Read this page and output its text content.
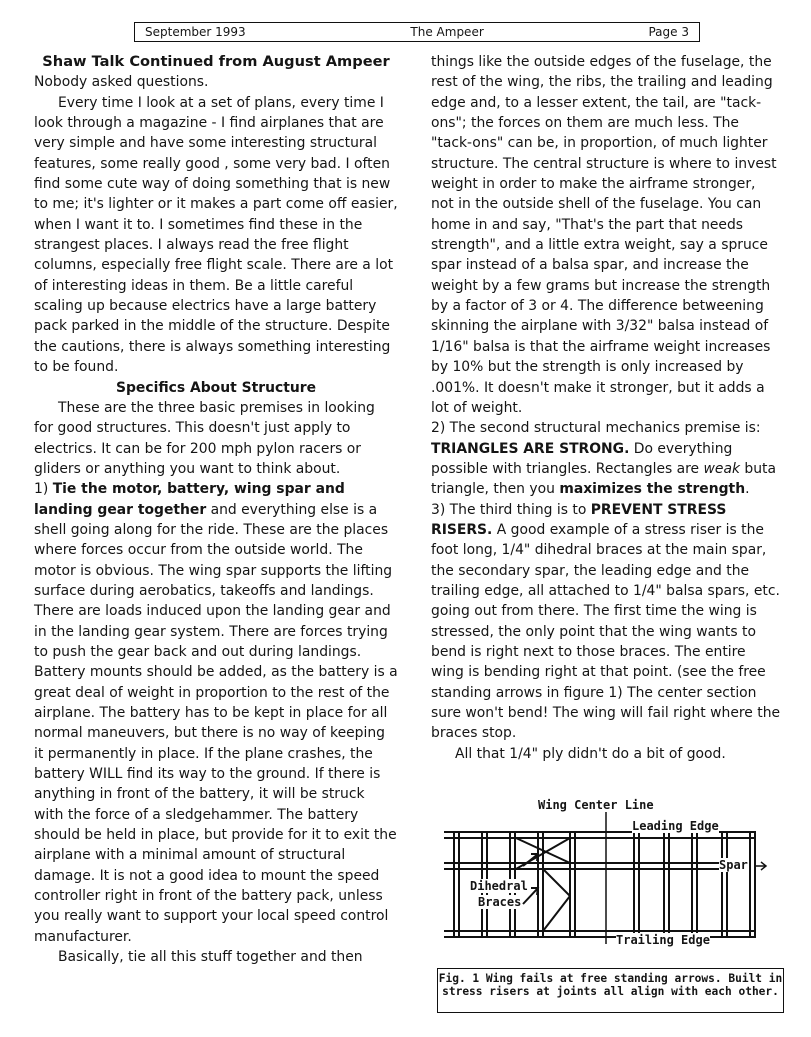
September 1993	The Ampeer	Page 3

Shaw Talk Continued from August Ampeer

Nobody asked questions.

Every time I look at a set of plans, every time I look through a magazine - I find airplanes that are very simple and have some interesting structural features, some really good , some very bad. I often find some cute way of doing something that is new to me; it's lighter or it makes a part come off easier, when I want it to. I sometimes find these in the strangest places. I always read the free flight columns, especially free flight scale. There are a lot of interesting ideas in them. Be a little careful scaling up because electrics have a large battery pack parked in the middle of the structure. Despite the cautions, there is always something interesting to be found.

Specifics About Structure

These are the three basic premises in looking for good structures. This doesn't just apply to electrics. It can be for 200 mph pylon racers or gliders or anything you want to think about.

1) Tie the motor, battery, wing spar and landing gear together and everything else is a shell going along for the ride. These are the places where forces occur from the outside world. The motor is obvious. The wing spar supports the lifting surface during aerobatics, takeoffs and landings. There are loads induced upon the landing gear and in the landing gear system. There are forces trying to push the gear back and out during landings. Battery mounts should be added, as the battery is a great deal of weight in proportion to the rest of the airplane. The battery has to be kept in place for all normal maneuvers, but there is no way of keeping it permanently in place. If the plane crashes, the battery WILL find its way to the ground. If there is anything in front of the battery, it will be struck with the force of a sledgehammer. The battery should be held in place, but provide for it to exit the airplane with a minimal amount of structural damage. It is not a good idea to mount the speed controller right in front of the battery pack, unless you really want to support your local speed control manufacturer.

Basically, tie all this stuff together and then

things like the outside edges of the fuselage, the rest of the wing, the ribs, the trailing and leading edge and, to a lesser extent, the tail, are "tack-ons"; the forces on them are much less. The "tack-ons" can be, in proportion, of much lighter structure. The central structure is where to invest weight in order to make the airframe stronger, not in the outside shell of the fuselage. You can home in and say, "That's the part that needs strength", and a little extra weight, say a spruce spar instead of a balsa spar, and increase the weight by a few grams but increase the strength by a factor of 3 or 4. The difference betweening skinning the airplane with 3/32" balsa instead of 1/16" balsa is that the airframe weight increases by 10% but the strength is only increased by .001%. It doesn't make it stronger, but it adds a lot of weight.

2) The second structural mechanics premise is: TRIANGLES ARE STRONG. Do everything possible with triangles. Rectangles are weak buta triangle, then you maximizes the strength.

3) The third thing is to PREVENT STRESS RISERS. A good example of a stress riser is the foot long, 1/4" dihedral braces at the main spar, the secondary spar, the leading edge and the trailing edge, all attached to 1/4" balsa spars, etc. going out from there. The first time the wing is stressed, the only point that the wing wants to bend is right next to those braces. The entire wing is bending right at that point. (see the free standing arrows in figure 1) The center section sure won't bend! The wing will fail right where the braces stop.

All that 1/4" ply didn't do a bit of good.

Wing Center Line
Leading Edge
Spar
Dihedral
Braces
Trailing Edge
Fig. 1 Wing fails at free standing arrows. Built in stress risers at joints all align with each other.
